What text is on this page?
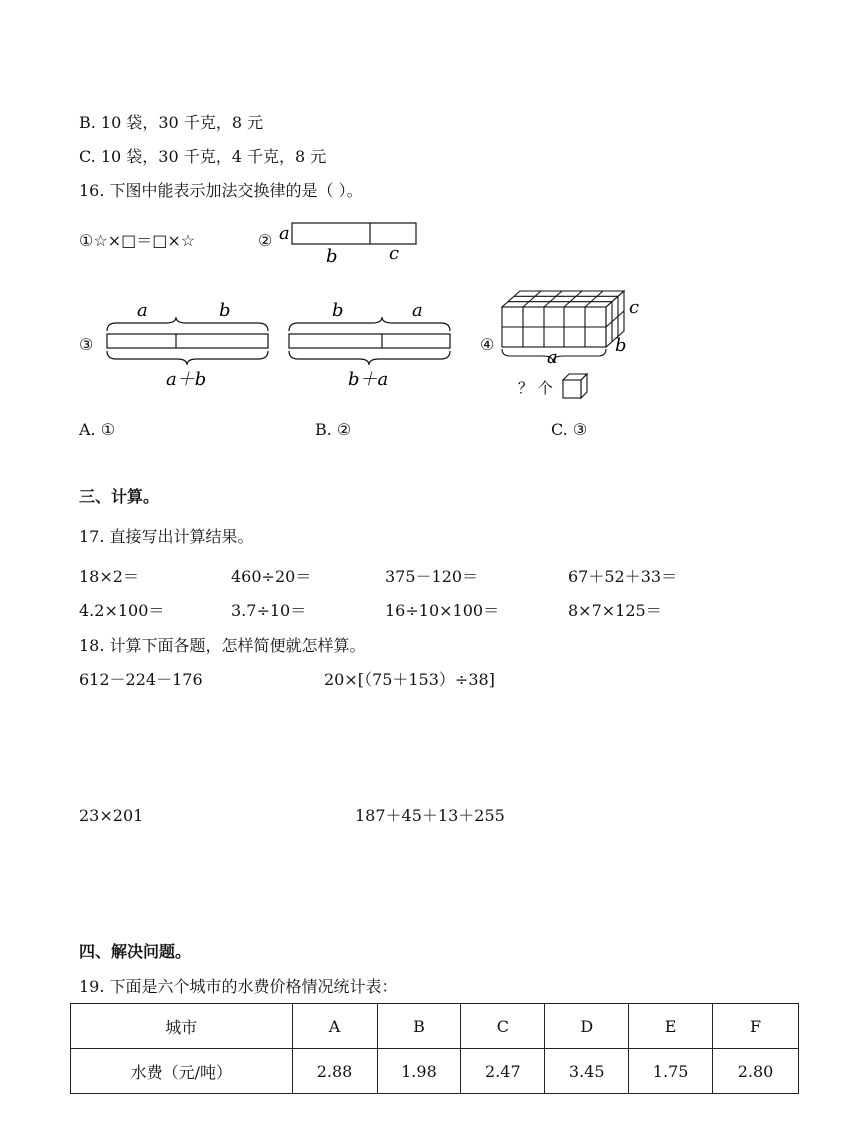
B. 10 袋，30 千克，8 元
C. 10 袋，30 千克，4 千克，8 元
16. 下图中能表示加法交换律的是（ ）。
①☆×□＝□×☆	② a
b	c
③
a	b
a＋b
b	a
b＋a
④
c
b
a
？ 个
A. ①	B. ②	C. ③
三、计算。
17. 直接写出计算结果。
18×2＝	460÷20＝	375－120＝	67＋52＋33＝
4.2×100＝	3.7÷10＝	16÷10×100＝	8×7×125＝
18. 计算下面各题，怎样简便就怎样算。
612－224－176	20×[（75＋153）÷38]
23×201	187＋45＋13＋255
四、解决问题。
19. 下面是六个城市的水费价格情况统计表：
城市	A	B	C	D	E	F
水费（元/吨）	2.88	1.98	2.47	3.45	1.75	2.80
